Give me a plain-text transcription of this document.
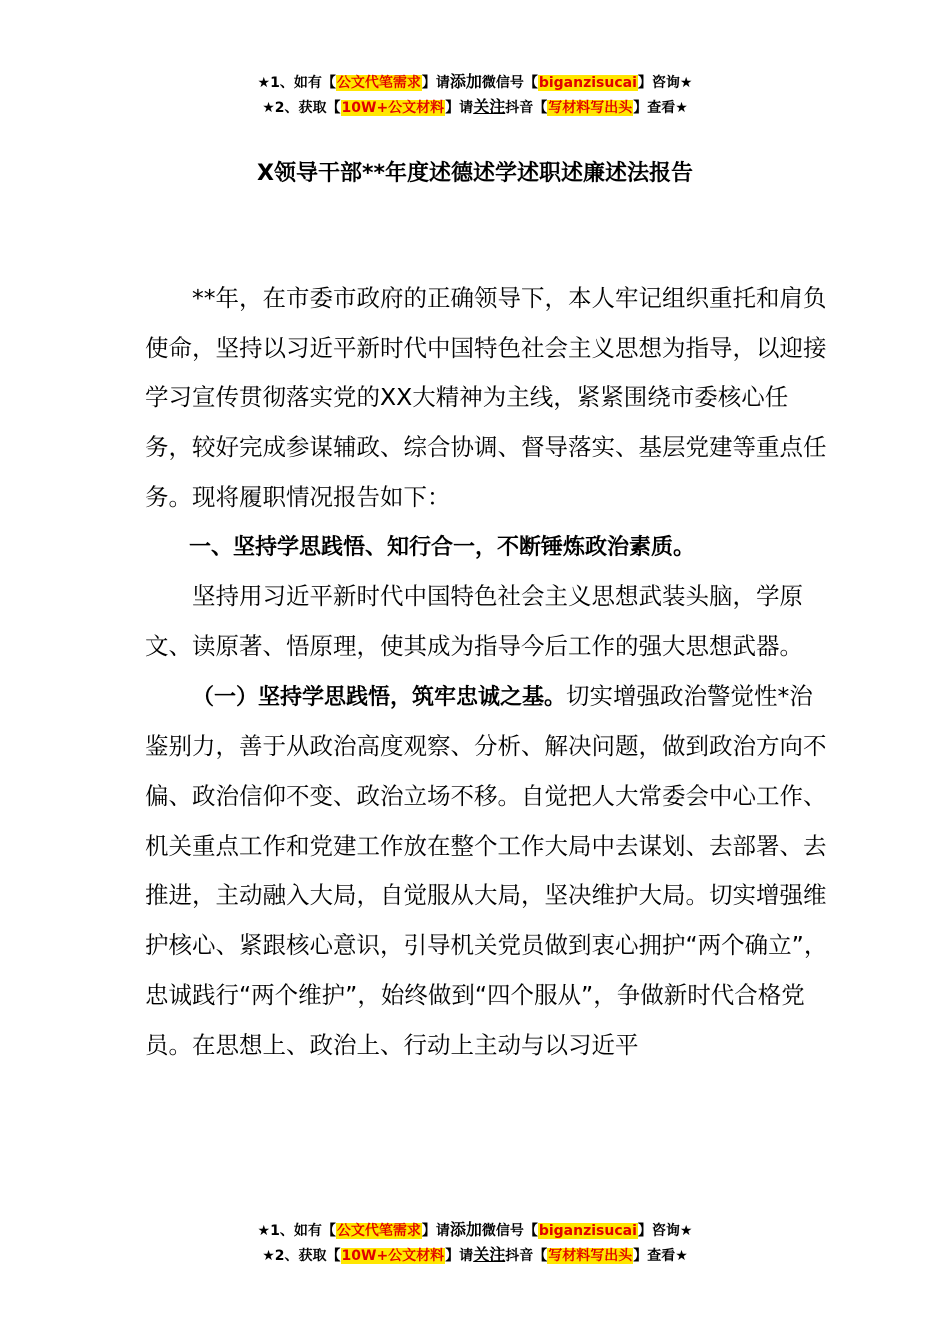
★1、如有【公文代笔需求】请添加微信号【biganzisucai】咨询★
★2、获取【10W+公文材料】请关注抖音【写材料写出头】查看★
X领导干部**年度述德述学述职述廉述法报告

**年，在市委市政府的正确领导下，本人牢记组织重托和肩负使命，坚持以习近平新时代中国特色社会主义思想为指导，以迎接学习宣传贯彻落实党的XX大精神为主线，紧紧围绕市委核心任务，较好完成参谋辅政、综合协调、督导落实、基层党建等重点任务。现将履职情况报告如下：

一、坚持学思践悟、知行合一，不断锤炼政治素质。

坚持用习近平新时代中国特色社会主义思想武装头脑，学原文、读原著、悟原理，使其成为指导今后工作的强大思想武器。

（一）坚持学思践悟，筑牢忠诚之基。切实增强政治警觉性*治鉴别力，善于从政治高度观察、分析、解决问题，做到政治方向不偏、政治信仰不变、政治立场不移。自觉把人大常委会中心工作、机关重点工作和党建工作放在整个工作大局中去谋划、去部署、去推进，主动融入大局，自觉服从大局，坚决维护大局。切实增强维护核心、紧跟核心意识，引导机关党员做到衷心拥护“两个确立”，忠诚践行“两个维护”，始终做到“四个服从”，争做新时代合格党员。在思想上、政治上、行动上主动与以习近平

★1、如有【公文代笔需求】请添加微信号【biganzisucai】咨询★
★2、获取【10W+公文材料】请关注抖音【写材料写出头】查看★
